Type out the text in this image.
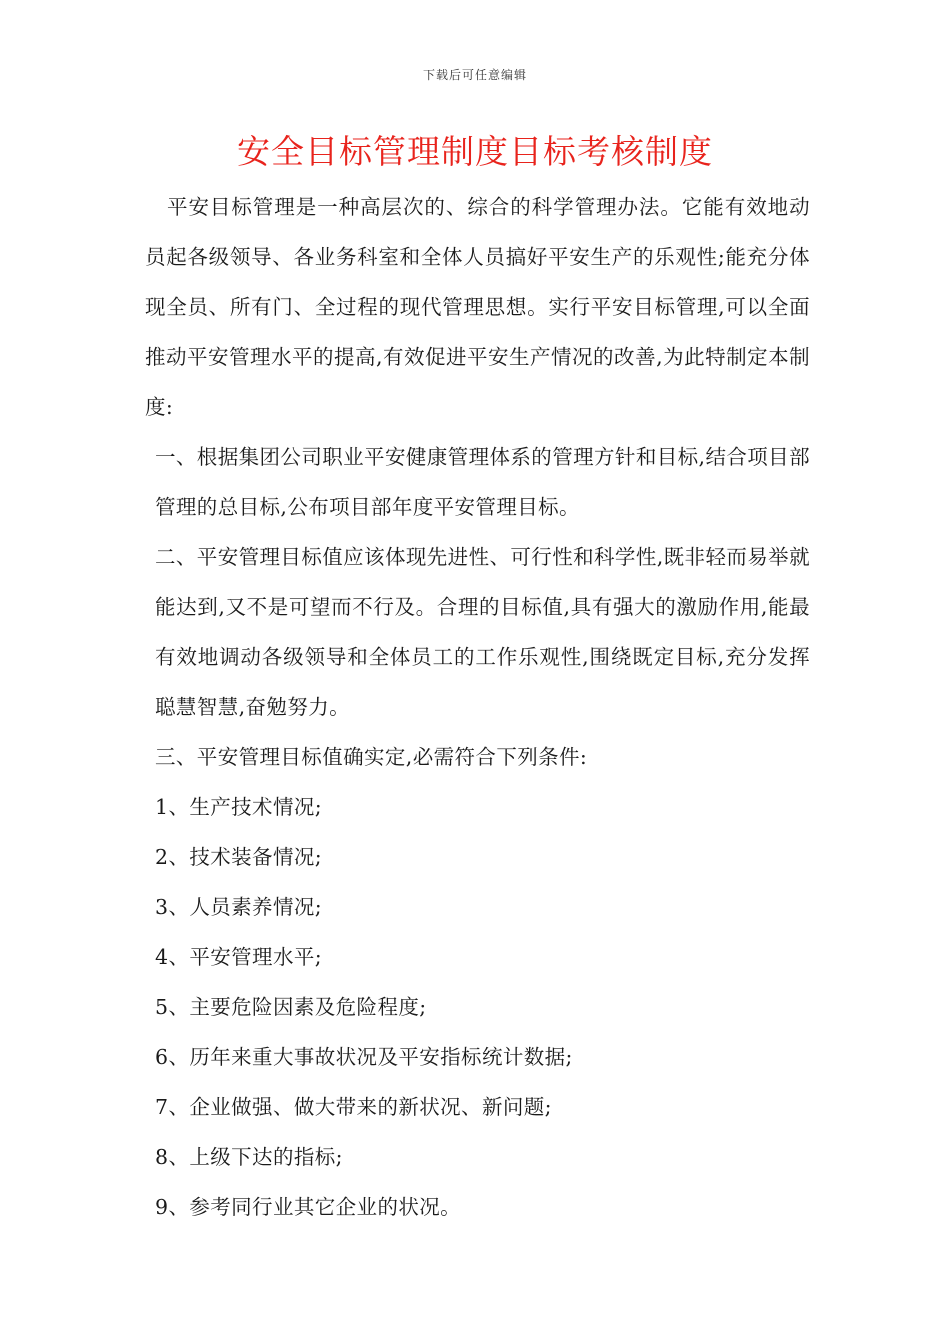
下载后可任意编辑
安全目标管理制度目标考核制度

平安目标管理是一种高层次的、综合的科学管理办法。它能有效地动员起各级领导、各业务科室和全体人员搞好平安生产的乐观性;能充分体现全员、所有门、全过程的现代管理思想。实行平安目标管理,可以全面推动平安管理水平的提高,有效促进平安生产情况的改善,为此特制定本制度:

一、根据集团公司职业平安健康管理体系的管理方针和目标,结合项目部管理的总目标,公布项目部年度平安管理目标。

二、平安管理目标值应该体现先进性、可行性和科学性,既非轻而易举就能达到,又不是可望而不行及。合理的目标值,具有强大的激励作用,能最有效地调动各级领导和全体员工的工作乐观性,围绕既定目标,充分发挥聪慧智慧,奋勉努力。

三、平安管理目标值确实定,必需符合下列条件:

1、生产技术情况;

2、技术装备情况;

3、人员素养情况;

4、平安管理水平;

5、主要危险因素及危险程度;

6、历年来重大事故状况及平安指标统计数据;

7、企业做强、做大带来的新状况、新问题;

8、上级下达的指标;

9、参考同行业其它企业的状况。
